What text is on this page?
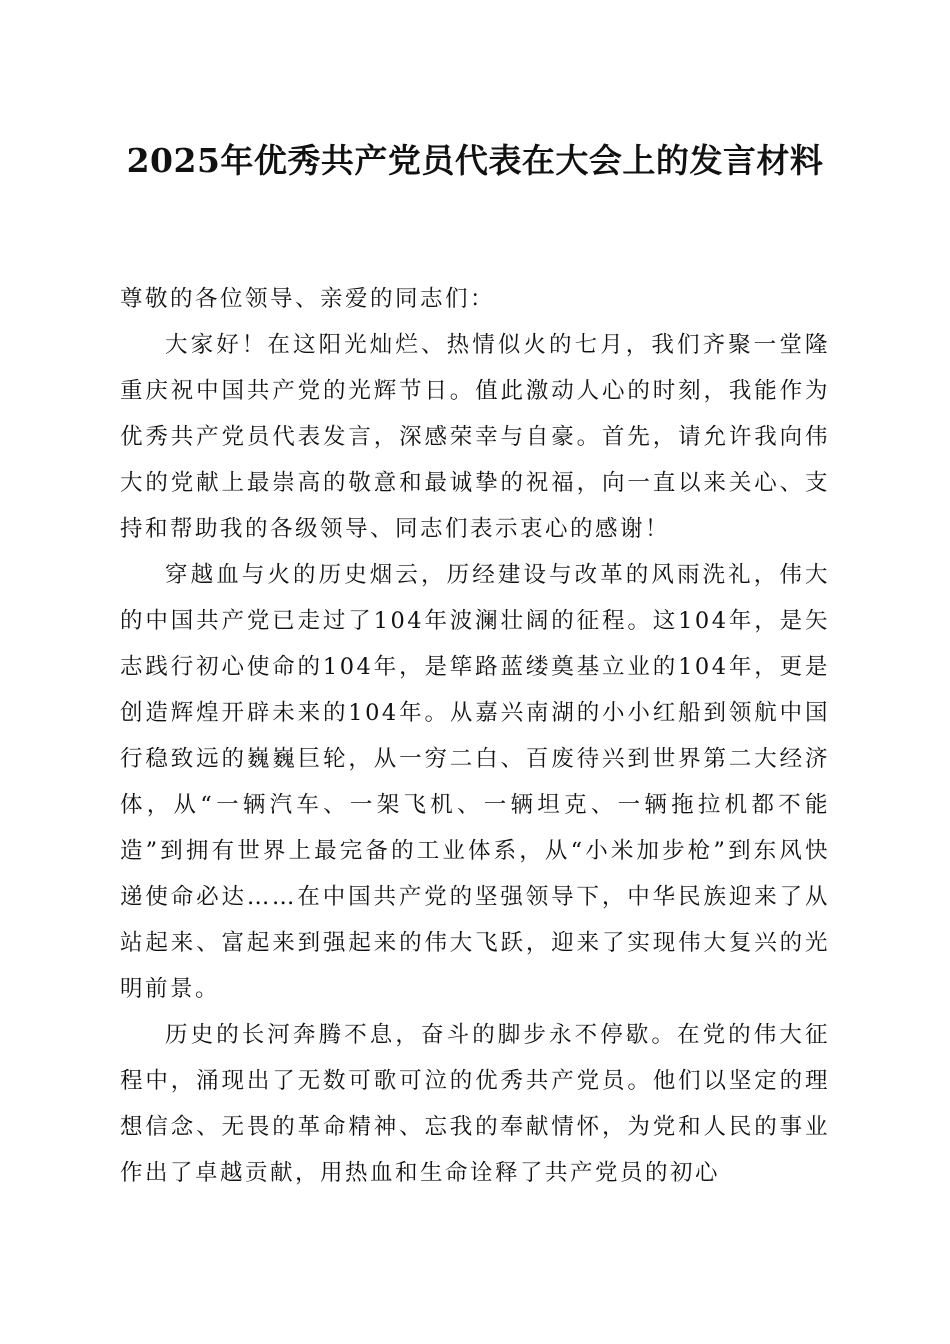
2025年优秀共产党员代表在大会上的发言材料

尊敬的各位领导、亲爱的同志们：

大家好！在这阳光灿烂、热情似火的七月，我们齐聚一堂隆重庆祝中国共产党的光辉节日。值此激动人心的时刻，我能作为优秀共产党员代表发言，深感荣幸与自豪。首先，请允许我向伟大的党献上最崇高的敬意和最诚挚的祝福，向一直以来关心、支持和帮助我的各级领导、同志们表示衷心的感谢！

穿越血与火的历史烟云，历经建设与改革的风雨洗礼，伟大的中国共产党已走过了104年波澜壮阔的征程。这104年，是矢志践行初心使命的104年，是筚路蓝缕奠基立业的104年，更是创造辉煌开辟未来的104年。从嘉兴南湖的小小红船到领航中国行稳致远的巍巍巨轮，从一穷二白、百废待兴到世界第二大经济体，从“一辆汽车、一架飞机、一辆坦克、一辆拖拉机都不能造”到拥有世界上最完备的工业体系，从“小米加步枪”到东风快递使命必达……在中国共产党的坚强领导下，中华民族迎来了从站起来、富起来到强起来的伟大飞跃，迎来了实现伟大复兴的光明前景。

历史的长河奔腾不息，奋斗的脚步永不停歇。在党的伟大征程中，涌现出了无数可歌可泣的优秀共产党员。他们以坚定的理想信念、无畏的革命精神、忘我的奉献情怀，为党和人民的事业作出了卓越贡献，用热血和生命诠释了共产党员的初心
